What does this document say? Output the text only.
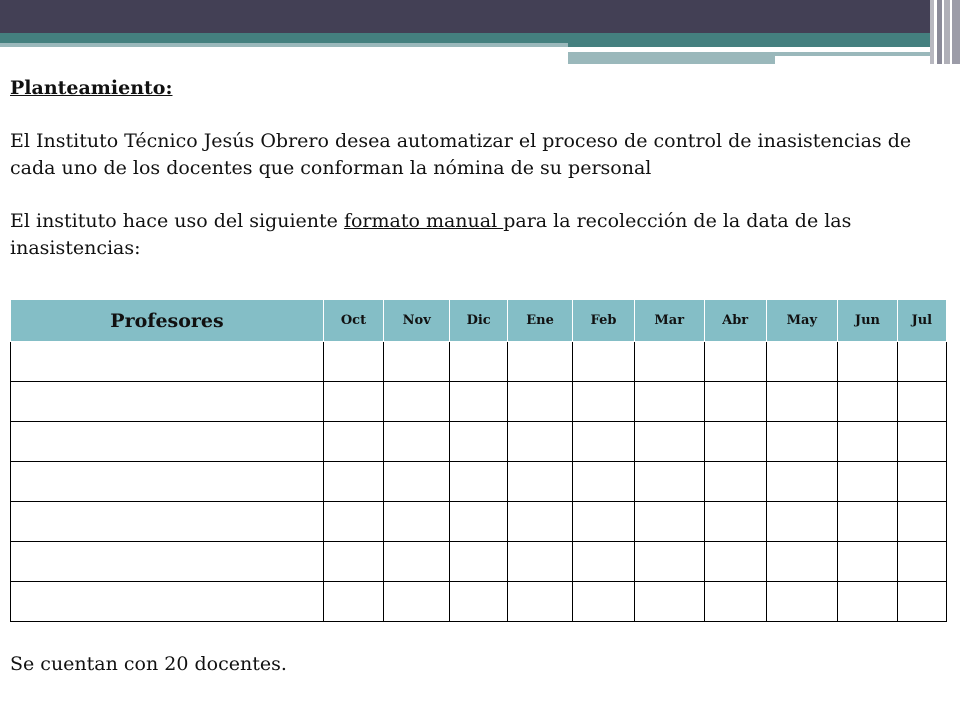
Planteamiento:

El Instituto Técnico Jesús Obrero desea automatizar el proceso de control de inasistencias de cada uno de los docentes que conforman la nómina de su personal

El instituto hace uso del siguiente formato manual para la recolección de la data de las inasistencias:

Profesores	Oct	Nov	Dic	Ene	Feb	Mar	Abr	May	Jun	Jul

Se cuentan con 20 docentes.
